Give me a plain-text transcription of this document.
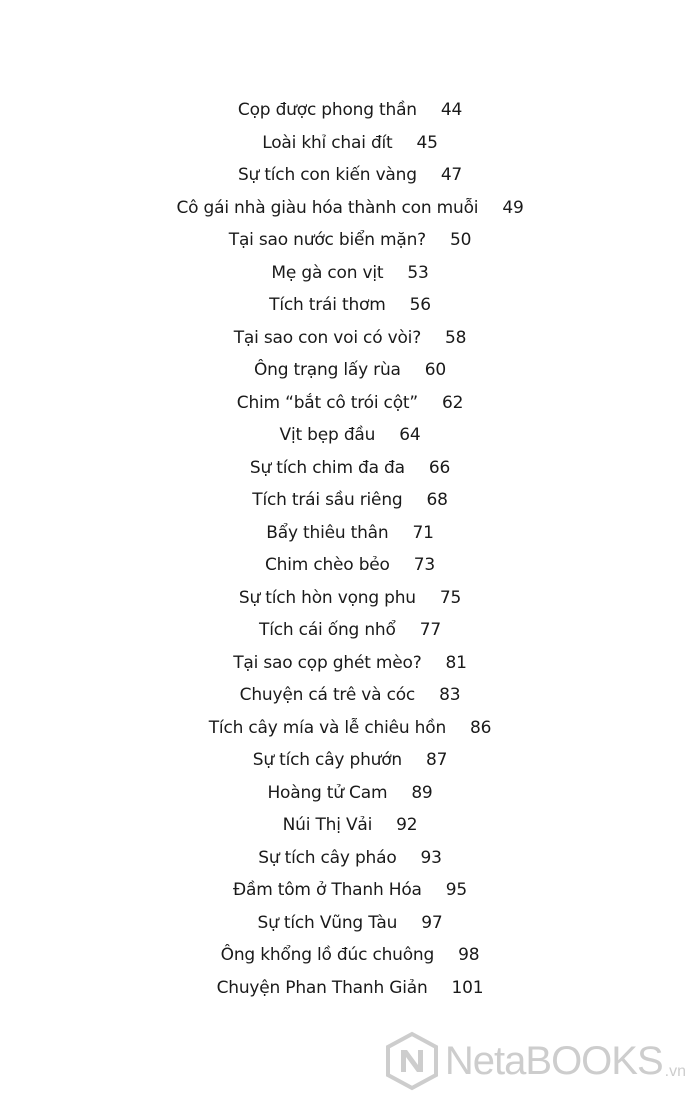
Cọp được phong thần 44
Loài khỉ chai đít 45
Sự tích con kiến vàng 47
Cô gái nhà giàu hóa thành con muỗi 49
Tại sao nước biển mặn? 50
Mẹ gà con vịt 53
Tích trái thơm 56
Tại sao con voi có vòi? 58
Ông trạng lấy rùa 60
Chim “bắt cô trói cột” 62
Vịt bẹp đầu 64
Sự tích chim đa đa 66
Tích trái sầu riêng 68
Bẩy thiêu thân 71
Chim chèo bẻo 73
Sự tích hòn vọng phu 75
Tích cái ống nhổ 77
Tại sao cọp ghét mèo? 81
Chuyện cá trê và cóc 83
Tích cây mía và lễ chiêu hồn 86
Sự tích cây phướn 87
Hoàng tử Cam 89
Núi Thị Vải 92
Sự tích cây pháo 93
Đầm tôm ở Thanh Hóa 95
Sự tích Vũng Tàu 97
Ông khổng lồ đúc chuông 98
Chuyện Phan Thanh Giản 101
NetaBOOKS .vn
